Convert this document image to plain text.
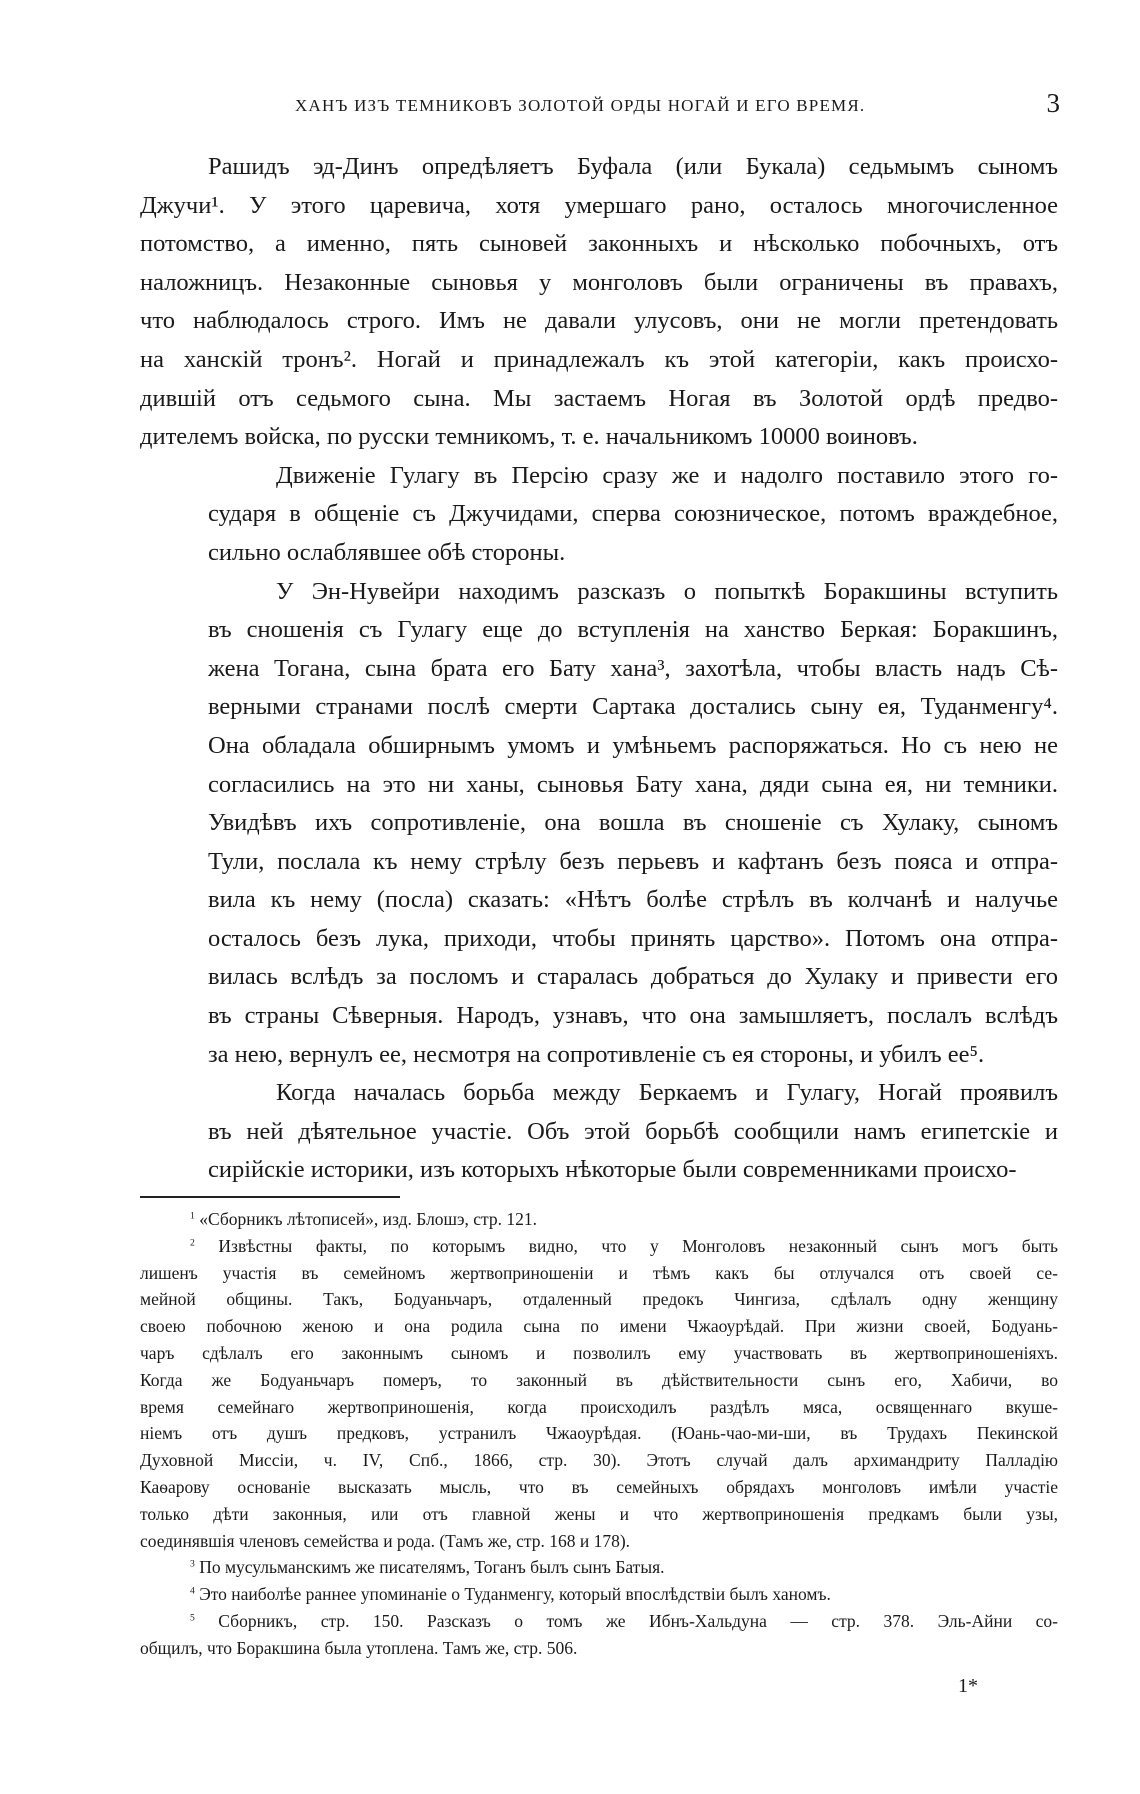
ХАНЪ ИЗЪ ТЕМНИКОВЪ ЗОЛОТОЙ ОРДЫ НОГАЙ И ЕГО ВРЕМЯ.	3

Рашидъ эд-Динъ опредѣляетъ Буфала (или Букала) седьмымъ сыномъ
Джучи¹. У этого царевича, хотя умершаго рано, осталось многочисленное
потомство, а именно, пять сыновей законныхъ и нѣсколько побочныхъ, отъ
наложницъ. Незаконные сыновья у монголовъ были ограничены въ правахъ,
что наблюдалось строго. Имъ не давали улусовъ, они не могли претендовать
на ханскій тронъ². Ногай и принадлежалъ къ этой категоріи, какъ происхо-
дившій отъ седьмого сына. Мы застаемъ Ногая въ Золотой ордѣ предво-
дителемъ войска, по русски темникомъ, т. е. начальникомъ 10000 воиновъ.

Движеніе Гулагу въ Персію сразу же и надолго поставило этого го-
сударя в общеніе съ Джучидами, сперва союзническое, потомъ враждебное,
сильно ослаблявшее обѣ стороны.

У Эн-Нувейри находимъ разсказъ о попыткѣ Боракшины вступить
въ сношенія съ Гулагу еще до вступленія на ханство Беркая: Боракшинъ,
жена Тогана, сына брата его Бату хана³, захотѣла, чтобы власть надъ Сѣ-
верными странами послѣ смерти Сартака достались сыну ея, Туданменгу⁴.
Она обладала обширнымъ умомъ и умѣньемъ распоряжаться. Но съ нею не
согласились на это ни ханы, сыновья Бату хана, дяди сына ея, ни темники.
Увидѣвъ ихъ сопротивленіе, она вошла въ сношеніе съ Хулаку, сыномъ
Тули, послала къ нему стрѣлу безъ перьевъ и кафтанъ безъ пояса и отпра-
вила къ нему (посла) сказать: «Нѣтъ болѣе стрѣлъ въ колчанѣ и налучье
осталось безъ лука, приходи, чтобы принять царство». Потомъ она отпра-
вилась вслѣдъ за посломъ и старалась добраться до Хулаку и привести его
въ страны Сѣверныя. Народъ, узнавъ, что она замышляетъ, послалъ вслѣдъ
за нею, вернулъ ее, несмотря на сопротивленіе съ ея стороны, и убилъ ее⁵.

Когда началась борьба между Беркаемъ и Гулагу, Ногай проявилъ
въ ней дѣятельное участіе. Объ этой борьбѣ сообщили намъ египетскіе и
сирійскіе историки, изъ которыхъ нѣкоторые были современниками происхо-

$^1$ «Сборникъ лѣтописей», изд. Блошэ, стр. 121.
$^2$ Извѣстны факты, по которымъ видно, что у Монголовъ незаконный сынъ могъ быть
лишенъ участія въ семейномъ жертвоприношеніи и тѣмъ какъ бы отлучался отъ своей се-
мейной общины. Такъ, Бодуаньчаръ, отдаленный предокъ Чингиза, сдѣлалъ одну женщину
своею побочною женою и она родила сына по имени Чжаоурѣдай. При жизни своей, Бодуань-
чаръ сдѣлалъ его законнымъ сыномъ и позволилъ ему участвовать въ жертвоприношеніяхъ.
Когда же Бодуаньчаръ померъ, то законный въ дѣйствительности сынъ его, Хабичи, во
время семейнаго жертвоприношенія, когда происходилъ раздѣлъ мяса, освященнаго вкуше-
ніемъ отъ душъ предковъ, устранилъ Чжаоурѣдая. (Юань-чао-ми-ши, въ Трудахъ Пекинской
Духовной Миссіи, ч. IV, Спб., 1866, стр. 30). Этотъ случай далъ архимандриту Палладію
Каѳарову основаніе высказать мысль, что въ семейныхъ обрядахъ монголовъ имѣли участіе
только дѣти законныя, или отъ главной жены и что жертвоприношенія предкамъ были узы,
соединявшія членовъ семейства и рода. (Тамъ же, стр. 168 и 178).
$^3$ По мусульманскимъ же писателямъ, Тоганъ былъ сынъ Батыя.
$^4$ Это наиболѣе раннее упоминаніе о Туданменгу, который впослѣдствіи былъ ханомъ.
$^5$ Сборникъ, стр. 150. Разсказъ о томъ же Ибнъ-Хальдуна — стр. 378. Эль-Айни со-
общилъ, что Боракшина была утоплена. Тамъ же, стр. 506.
1*
